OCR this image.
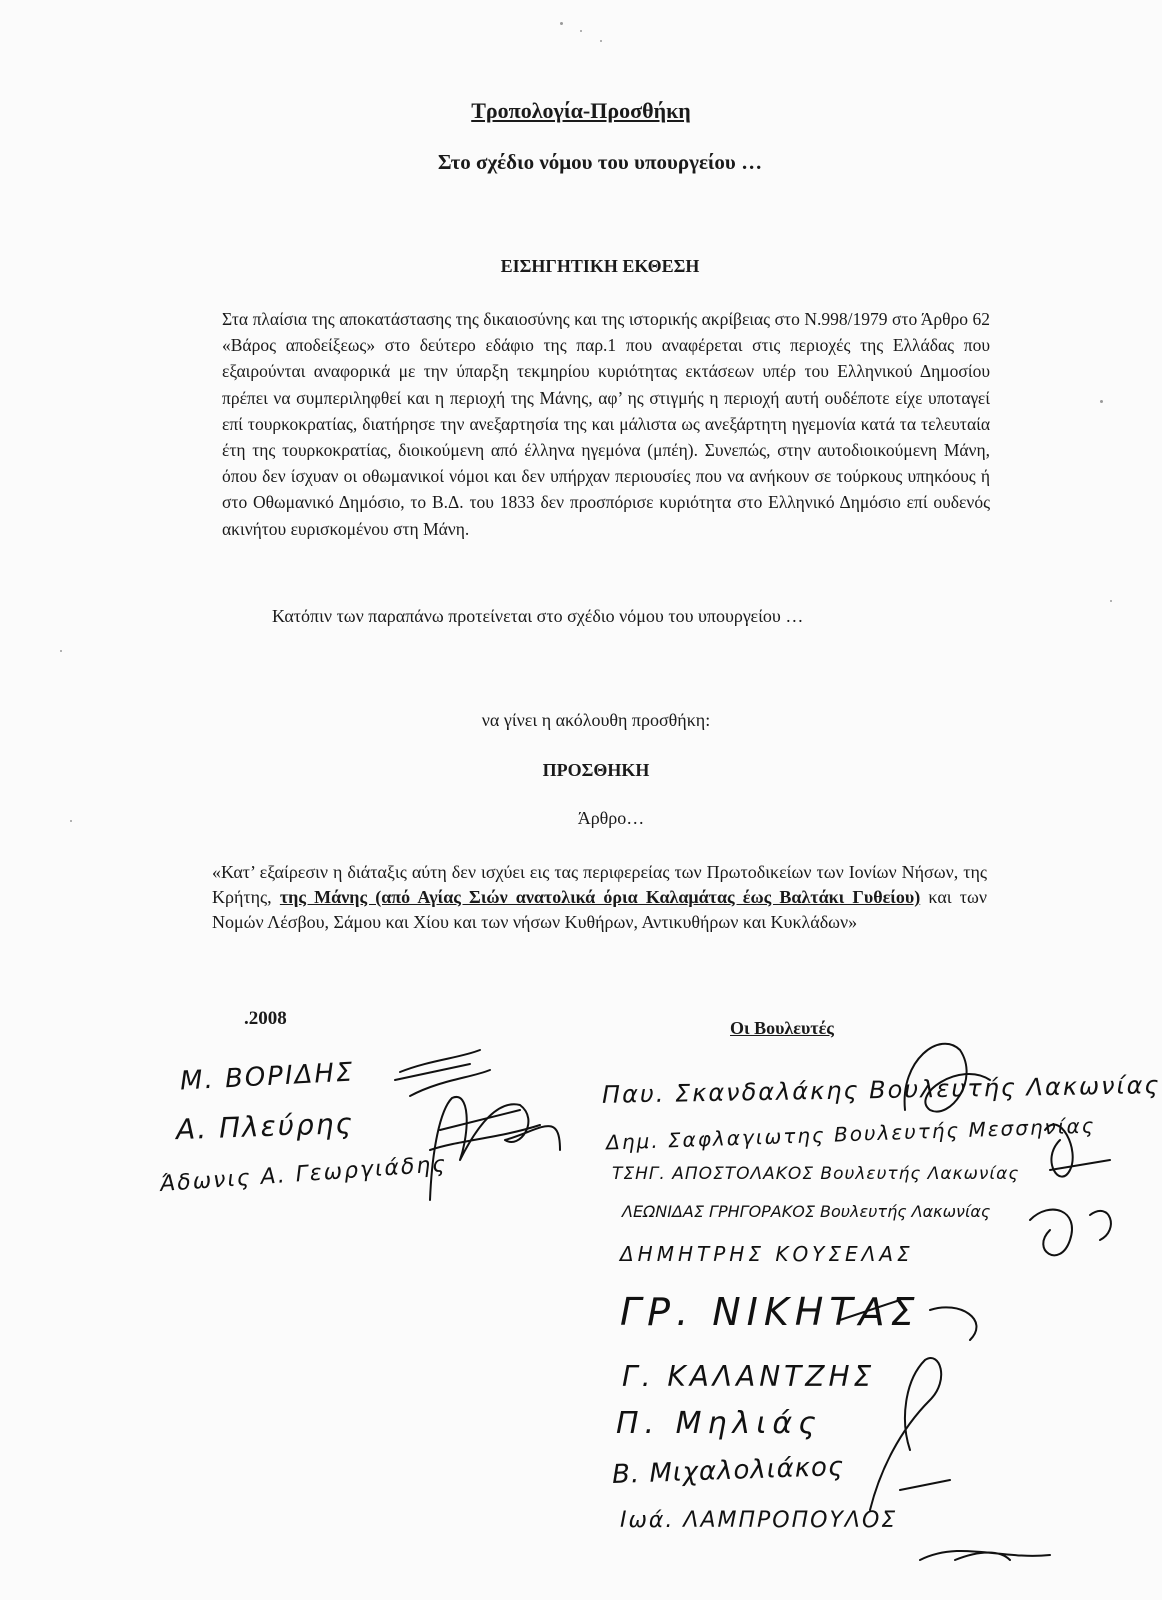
Τροπολογία-Προσθήκη
Στο σχέδιο νόμου του υπουργείου …
ΕΙΣΗΓΗΤΙΚΗ ΕΚΘΕΣΗ
Στα πλαίσια της αποκατάστασης της δικαιοσύνης και της ιστορικής ακρίβειας στο Ν.998/1979 στο Άρθρο 62 «Βάρος αποδείξεως» στο δεύτερο εδάφιο της παρ.1 που αναφέρεται στις περιοχές της Ελλάδας που εξαιρούνται αναφορικά με την ύπαρξη τεκμηρίου κυριότητας εκτάσεων υπέρ του Ελληνικού Δημοσίου πρέπει να συμπεριληφθεί και η περιοχή της Μάνης, αφ’ ης στιγμής η περιοχή αυτή ουδέποτε είχε υποταγεί επί τουρκοκρατίας, διατήρησε την ανεξαρτησία της και μάλιστα ως ανεξάρτητη ηγεμονία κατά τα τελευταία έτη της τουρκοκρατίας, διοικούμενη από έλληνα ηγεμόνα (μπέη). Συνεπώς, στην αυτοδιοικούμενη Μάνη, όπου δεν ίσχυαν οι οθωμανικοί νόμοι και δεν υπήρχαν περιουσίες που να ανήκουν σε τούρκους υπηκόους ή στο Οθωμανικό Δημόσιο, το Β.Δ. του 1833 δεν προσπόρισε κυριότητα στο Ελληνικό Δημόσιο επί ουδενός ακινήτου ευρισκομένου στη Μάνη.
Κατόπιν των παραπάνω προτείνεται στο σχέδιο νόμου του υπουργείου …
να γίνει η ακόλουθη προσθήκη:
ΠΡΟΣΘΗΚΗ
Άρθρο…
«Κατ’ εξαίρεσιν η διάταξις αύτη δεν ισχύει εις τας περιφερείας των Πρωτοδικείων των Ιονίων Νήσων, της Κρήτης, της Μάνης (από Αγίας Σιών ανατολικά όρια Καλαμάτας έως Βαλτάκι Γυθείου) και των Νομών Λέσβου, Σάμου και Χίου και των νήσων Κυθήρων, Αντικυθήρων και Κυκλάδων»
.2008	Οι Βουλευτές
Μ. ΒΟΡΙΔΗΣ
Α. Πλεύρης
Άδωνις Α. Γεωργιάδης
Παυ. Σκανδαλάκης Βουλευτής Λακωνίας
Δημ. Σαφλαγιωτης Βουλευτής Μεσσηνίας
ΤΣΗΓ. ΑΠΟΣΤΟΛΑΚΟΣ Βουλευτής Λακωνίας
ΛΕΩΝΙΔΑΣ ΓΡΗΓΟΡΑΚΟΣ Βουλευτής Λακωνίας
ΔΗΜΗΤΡΗΣ ΚΟΥΣΕΛΑΣ
ΓΡ. ΝΙΚΗΤΑΣ
Γ. ΚΑΛΑΝΤΖΗΣ
Π. Μηλιάς
Β. Μιχαλολιάκος
Ιωά. ΛΑΜΠΡΟΠΟΥΛΟΣ
